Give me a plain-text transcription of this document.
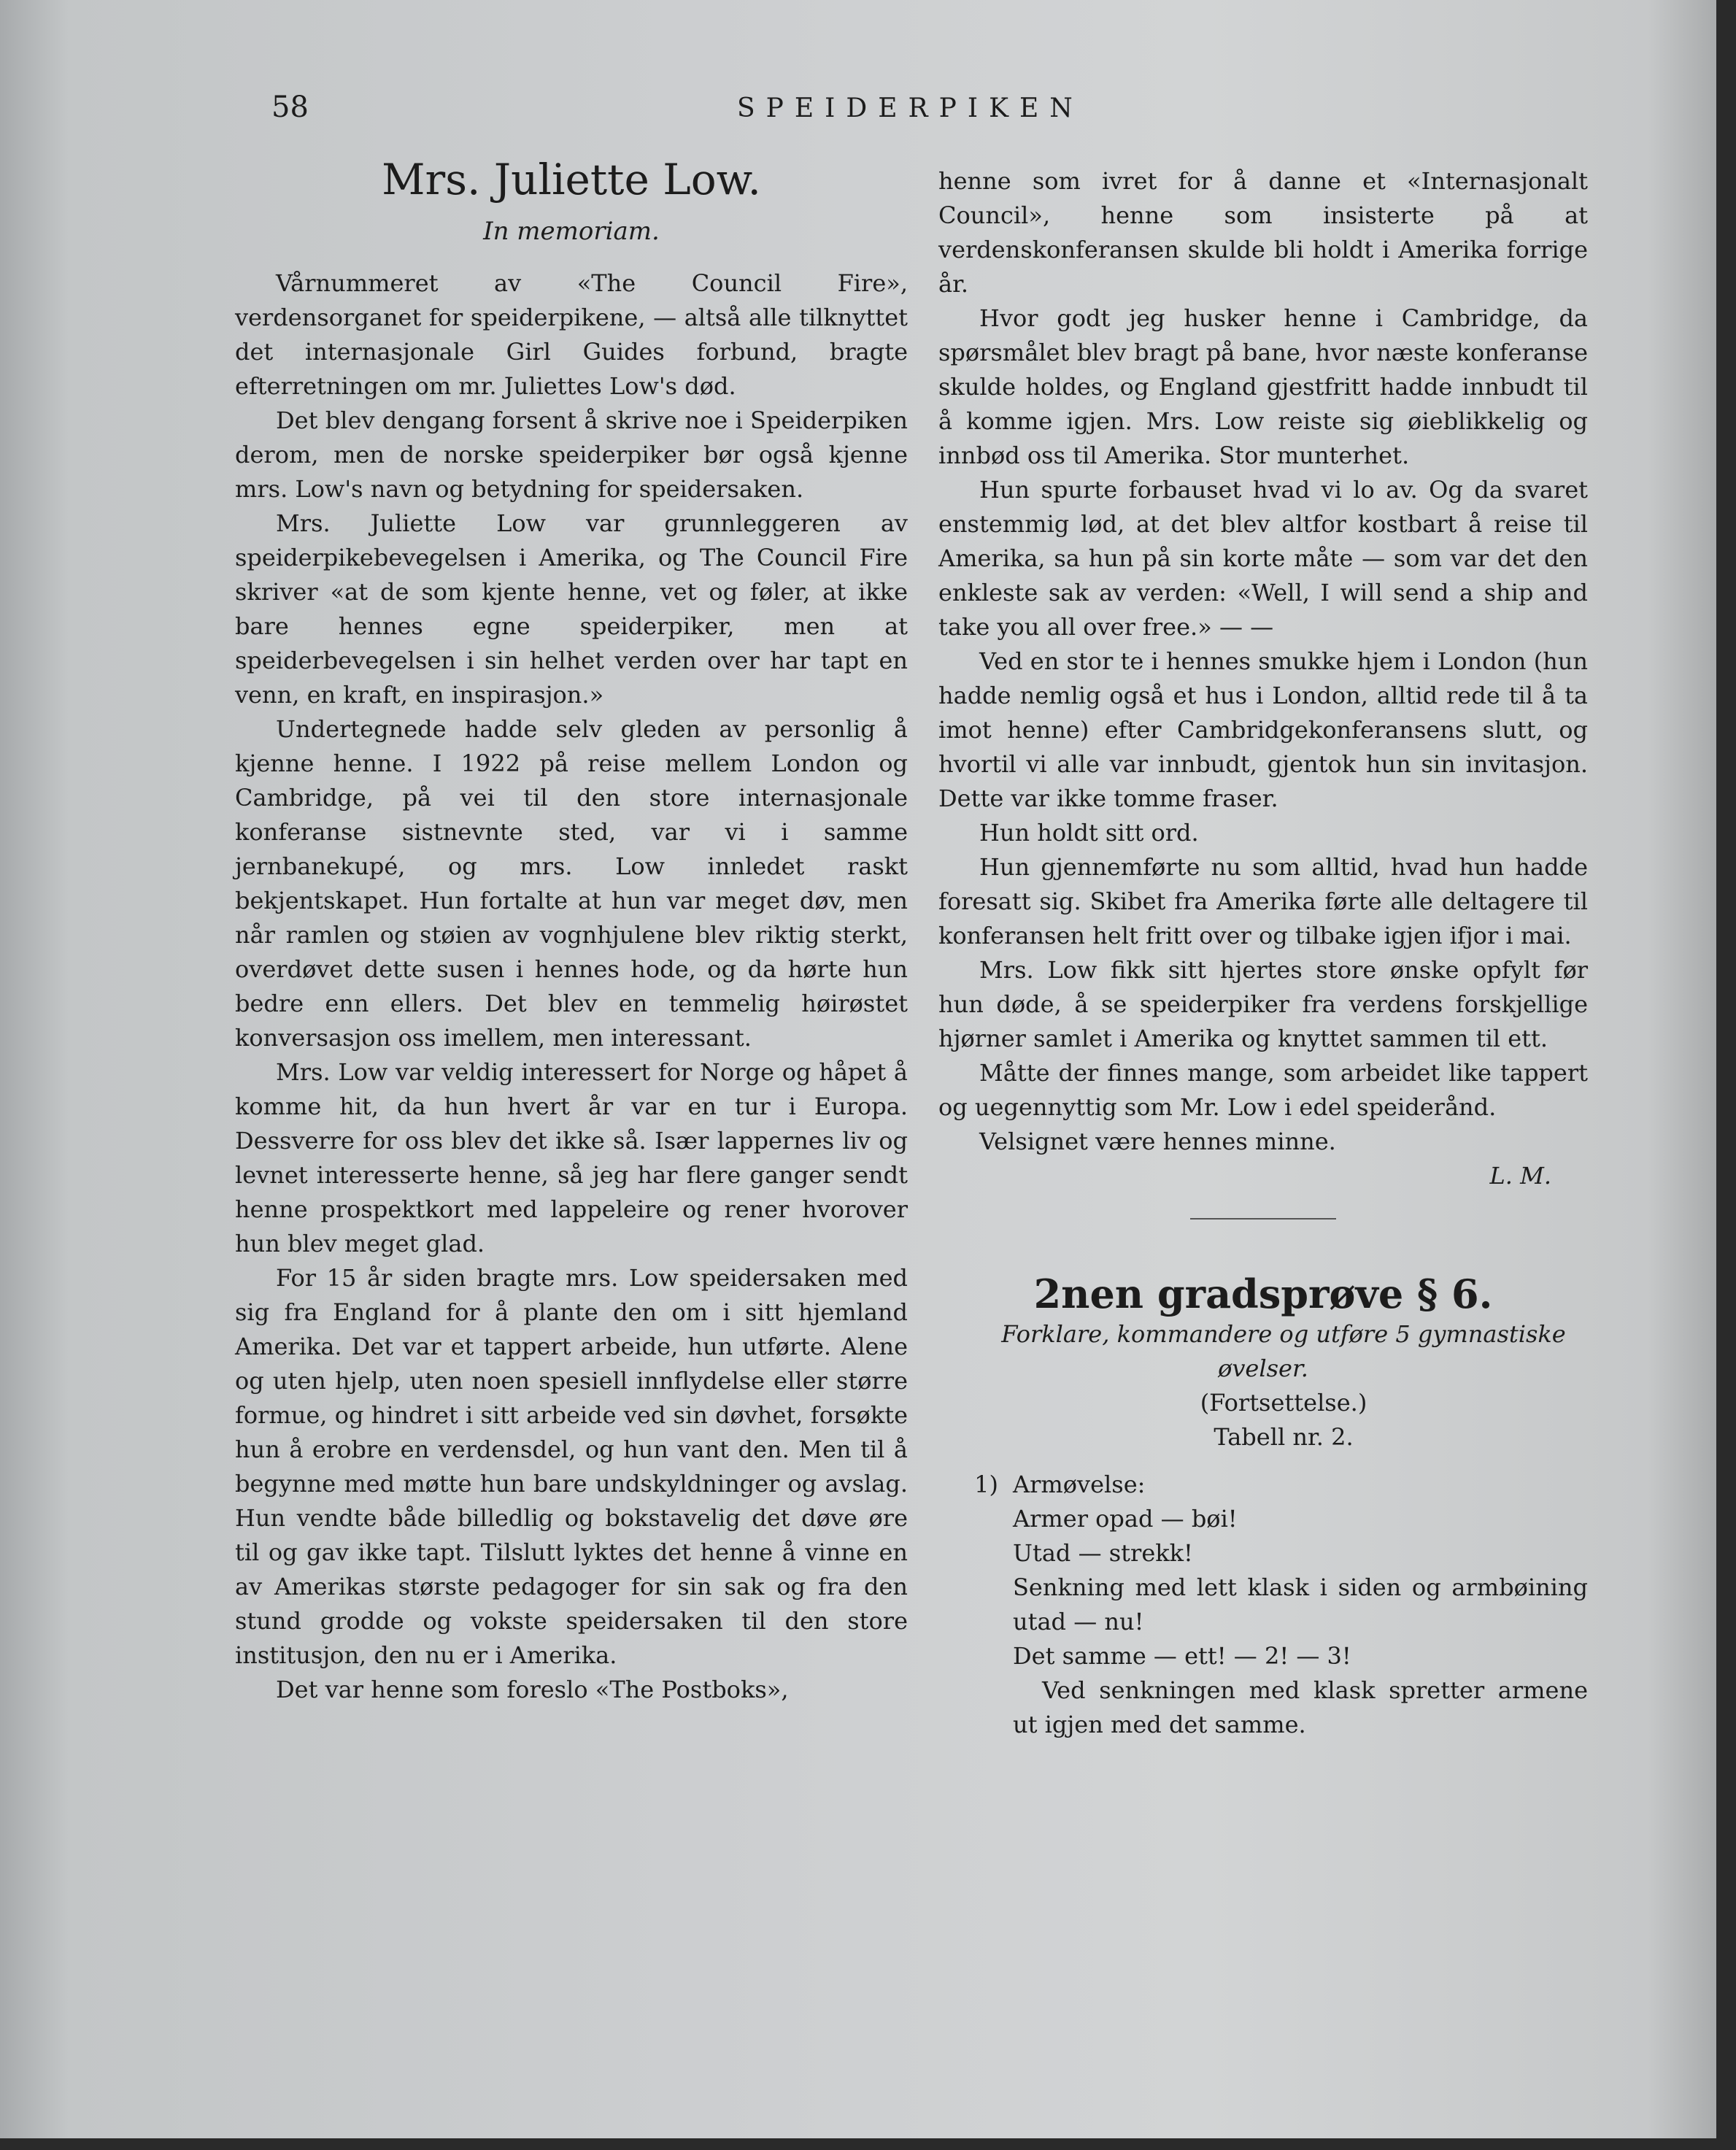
58	SPEIDERPIKEN
Mrs. Juliette Low.
In memoriam.

Vårnummeret av «The Council Fire», verdensorganet for speiderpikene, — altså alle tilknyttet det internasjonale Girl Guides forbund, bragte efterretningen om mr. Juliettes Low's død.

Det blev dengang forsent å skrive noe i Speiderpiken derom, men de norske speiderpiker bør også kjenne mrs. Low's navn og betydning for speidersaken.

Mrs. Juliette Low var grunnleggeren av speiderpikebevegelsen i Amerika, og The Council Fire skriver «at de som kjente henne, vet og føler, at ikke bare hennes egne speiderpiker, men at speiderbevegelsen i sin helhet verden over har tapt en venn, en kraft, en inspirasjon.»

Undertegnede hadde selv gleden av personlig å kjenne henne. I 1922 på reise mellem London og Cambridge, på vei til den store internasjonale konferanse sistnevnte sted, var vi i samme jernbanekupé, og mrs. Low innledet raskt bekjentskapet. Hun fortalte at hun var meget døv, men når ramlen og støien av vognhjulene blev riktig sterkt, overdøvet dette susen i hennes hode, og da hørte hun bedre enn ellers. Det blev en temmelig høirøstet konversasjon oss imellem, men interessant.

Mrs. Low var veldig interessert for Norge og håpet å komme hit, da hun hvert år var en tur i Europa. Dessverre for oss blev det ikke så. Især lappernes liv og levnet interesserte henne, så jeg har flere ganger sendt henne prospektkort med lappeleire og rener hvorover hun blev meget glad.

For 15 år siden bragte mrs. Low speidersaken med sig fra England for å plante den om i sitt hjemland Amerika. Det var et tappert arbeide, hun utførte. Alene og uten hjelp, uten noen spesiell innflydelse eller større formue, og hindret i sitt arbeide ved sin døvhet, forsøkte hun å erobre en verdensdel, og hun vant den. Men til å begynne med møtte hun bare undskyldninger og avslag. Hun vendte både billedlig og bokstavelig det døve øre til og gav ikke tapt. Tilslutt lyktes det henne å vinne en av Amerikas største pedagoger for sin sak og fra den stund grodde og vokste speidersaken til den store institusjon, den nu er i Amerika.

Det var henne som foreslo «The Postboks»,

henne som ivret for å danne et «Internasjonalt Council», henne som insisterte på at verdenskonferansen skulde bli holdt i Amerika forrige år.

Hvor godt jeg husker henne i Cambridge, da spørsmålet blev bragt på bane, hvor næste konferanse skulde holdes, og England gjestfritt hadde innbudt til å komme igjen. Mrs. Low reiste sig øieblikkelig og innbød oss til Amerika. Stor munterhet.

Hun spurte forbauset hvad vi lo av. Og da svaret enstemmig lød, at det blev altfor kostbart å reise til Amerika, sa hun på sin korte måte — som var det den enkleste sak av verden: «Well, I will send a ship and take you all over free.» — —

Ved en stor te i hennes smukke hjem i London (hun hadde nemlig også et hus i London, alltid rede til å ta imot henne) efter Cambridgekonferansens slutt, og hvortil vi alle var innbudt, gjentok hun sin invitasjon. Dette var ikke tomme fraser.

Hun holdt sitt ord.

Hun gjennemførte nu som alltid, hvad hun hadde foresatt sig. Skibet fra Amerika førte alle deltagere til konferansen helt fritt over og tilbake igjen ifjor i mai.

Mrs. Low fikk sitt hjertes store ønske opfylt før hun døde, å se speiderpiker fra verdens forskjellige hjørner samlet i Amerika og knyttet sammen til ett.

Måtte der finnes mange, som arbeidet like tappert og uegennyttig som Mr. Low i edel speiderånd.

Velsignet være hennes minne.

L. M.

2nen gradsprøve § 6.

Forklare, kommandere og utføre 5 gymnastiske øvelser.

(Fortsettelse.)

Tabell nr. 2.

1) Armøvelse:
Armer opad — bøi!
Utad — strekk!
Senkning med lett klask i siden og armbøining utad — nu!
Det samme — ett! — 2! — 3!
Ved senkningen med klask spretter armene ut igjen med det samme.
